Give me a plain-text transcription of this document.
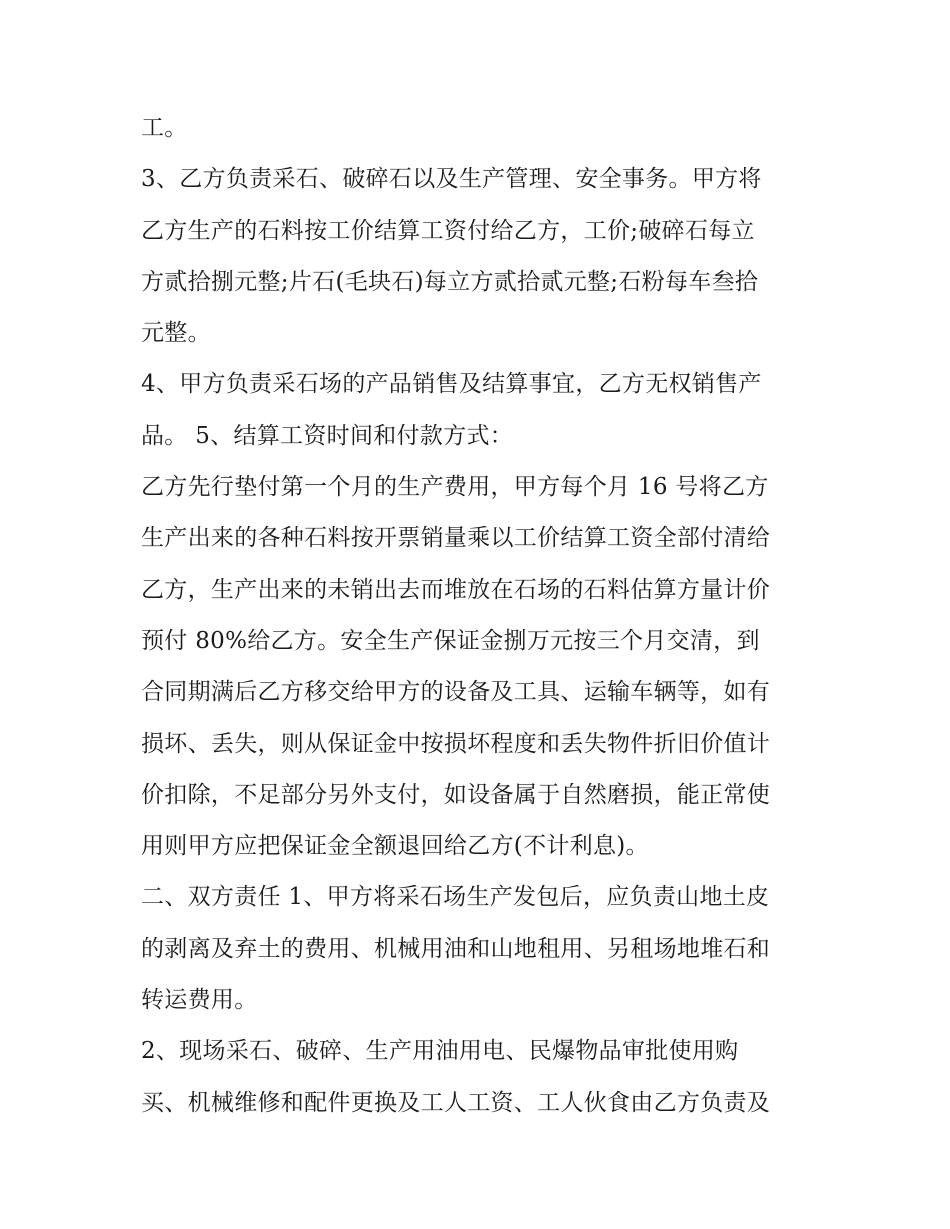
工。
3、乙方负责采石、破碎石以及生产管理、安全事务。甲方将
乙方生产的石料按工价结算工资付给乙方，工价;破碎石每立
方贰拾捌元整;片石(毛块石)每立方贰拾贰元整;石粉每车叁拾
元整。
4、甲方负责采石场的产品销售及结算事宜，乙方无权销售产
品。 5、结算工资时间和付款方式：
乙方先行垫付第一个月的生产费用，甲方每个月 16 号将乙方
生产出来的各种石料按开票销量乘以工价结算工资全部付清给
乙方，生产出来的未销出去而堆放在石场的石料估算方量计价
预付 80%给乙方。安全生产保证金捌万元按三个月交清，到
合同期满后乙方移交给甲方的设备及工具、运输车辆等，如有
损坏、丢失，则从保证金中按损坏程度和丢失物件折旧价值计
价扣除，不足部分另外支付，如设备属于自然磨损，能正常使
用则甲方应把保证金全额退回给乙方(不计利息)。
二、双方责任 1、甲方将采石场生产发包后，应负责山地土皮
的剥离及弃土的费用、机械用油和山地租用、另租场地堆石和
转运费用。
2、现场采石、破碎、生产用油用电、民爆物品审批使用购
买、机械维修和配件更换及工人工资、工人伙食由乙方负责及
